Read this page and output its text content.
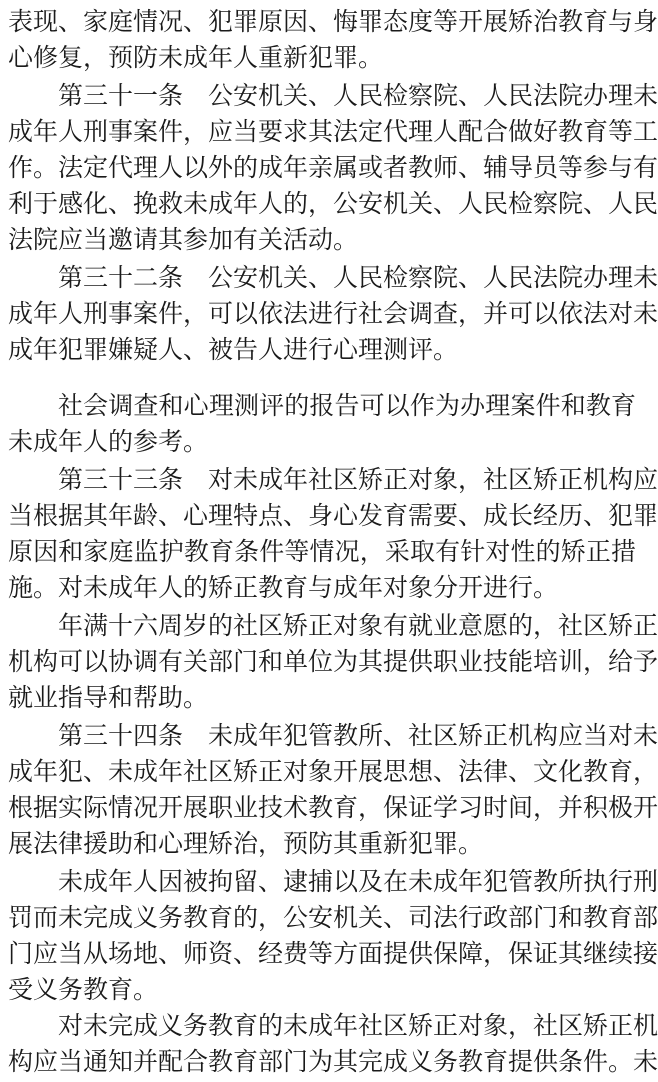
表现、家庭情况、犯罪原因、悔罪态度等开展矫治教育与身
心修复，预防未成年人重新犯罪。
第三十一条　公安机关、人民检察院、人民法院办理未
成年人刑事案件，应当要求其法定代理人配合做好教育等工
作。法定代理人以外的成年亲属或者教师、辅导员等参与有
利于感化、挽救未成年人的，公安机关、人民检察院、人民
法院应当邀请其参加有关活动。
第三十二条　公安机关、人民检察院、人民法院办理未
成年人刑事案件，可以依法进行社会调查，并可以依法对未
成年犯罪嫌疑人、被告人进行心理测评。
社会调查和心理测评的报告可以作为办理案件和教育
未成年人的参考。
第三十三条　对未成年社区矫正对象，社区矫正机构应
当根据其年龄、心理特点、身心发育需要、成长经历、犯罪
原因和家庭监护教育条件等情况，采取有针对性的矫正措
施。对未成年人的矫正教育与成年对象分开进行。
年满十六周岁的社区矫正对象有就业意愿的，社区矫正
机构可以协调有关部门和单位为其提供职业技能培训，给予
就业指导和帮助。
第三十四条　未成年犯管教所、社区矫正机构应当对未
成年犯、未成年社区矫正对象开展思想、法律、文化教育，
根据实际情况开展职业技术教育，保证学习时间，并积极开
展法律援助和心理矫治，预防其重新犯罪。
未成年人因被拘留、逮捕以及在未成年犯管教所执行刑
罚而未完成义务教育的，公安机关、司法行政部门和教育部
门应当从场地、师资、经费等方面提供保障，保证其继续接
受义务教育。
对未完成义务教育的未成年社区矫正对象，社区矫正机
构应当通知并配合教育部门为其完成义务教育提供条件。未
